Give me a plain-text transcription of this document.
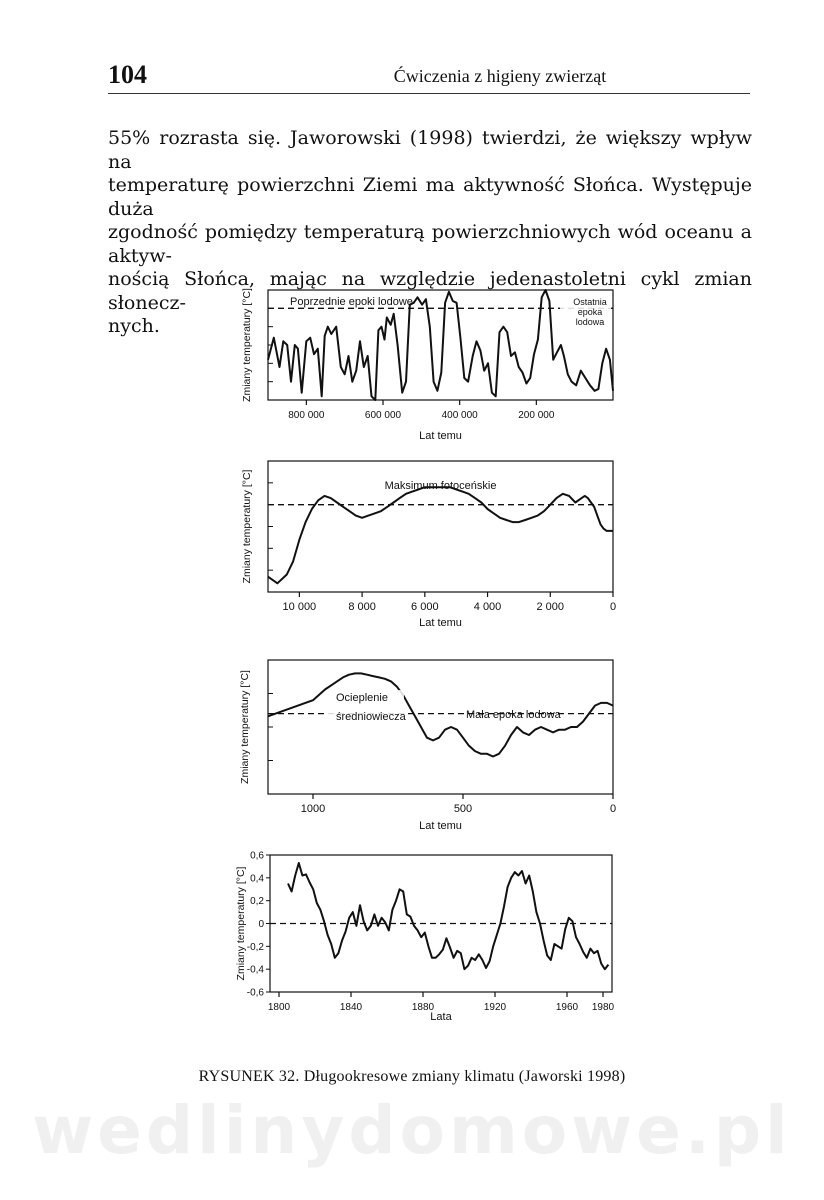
104	Ćwiczenia z higieny zwierząt
55% rozrasta się. Jaworowski (1998) twierdzi, że większy wpływ na
temperaturę powierzchni Ziemi ma aktywność Słońca. Występuje duża
zgodność pomiędzy temperaturą powierzchniowych wód oceanu a aktyw-
nością Słońca, mając na względzie jedenastoletni cykl zmian słonecz-
nych.
800 000	600 000	400 000	200 000
Poprzednie epoki lodowe	Ostatnia
epoka
lodowa
Lat temu
Zmiany temperatury [°C]
10 000	8 000	6 000	4 000	2 000	0
Maksimum fotoceńskie
Lat temu
Zmiany temperatury [°C]
1000	500	0
Ocieplenie
średniowiecza	Mała epoka lodowa
Lat temu
Zmiany temperatury [°C]
0,6
0,4
0,2
0
-0,2
-0,4
-0,6
1800	1840	1880	1920	1960 1980
Lata
Zmiany temperatury [°C]
RYSUNEK 32. Długookresowe zmiany klimatu (Jaworski 1998)
wedlinydomowe.pl
